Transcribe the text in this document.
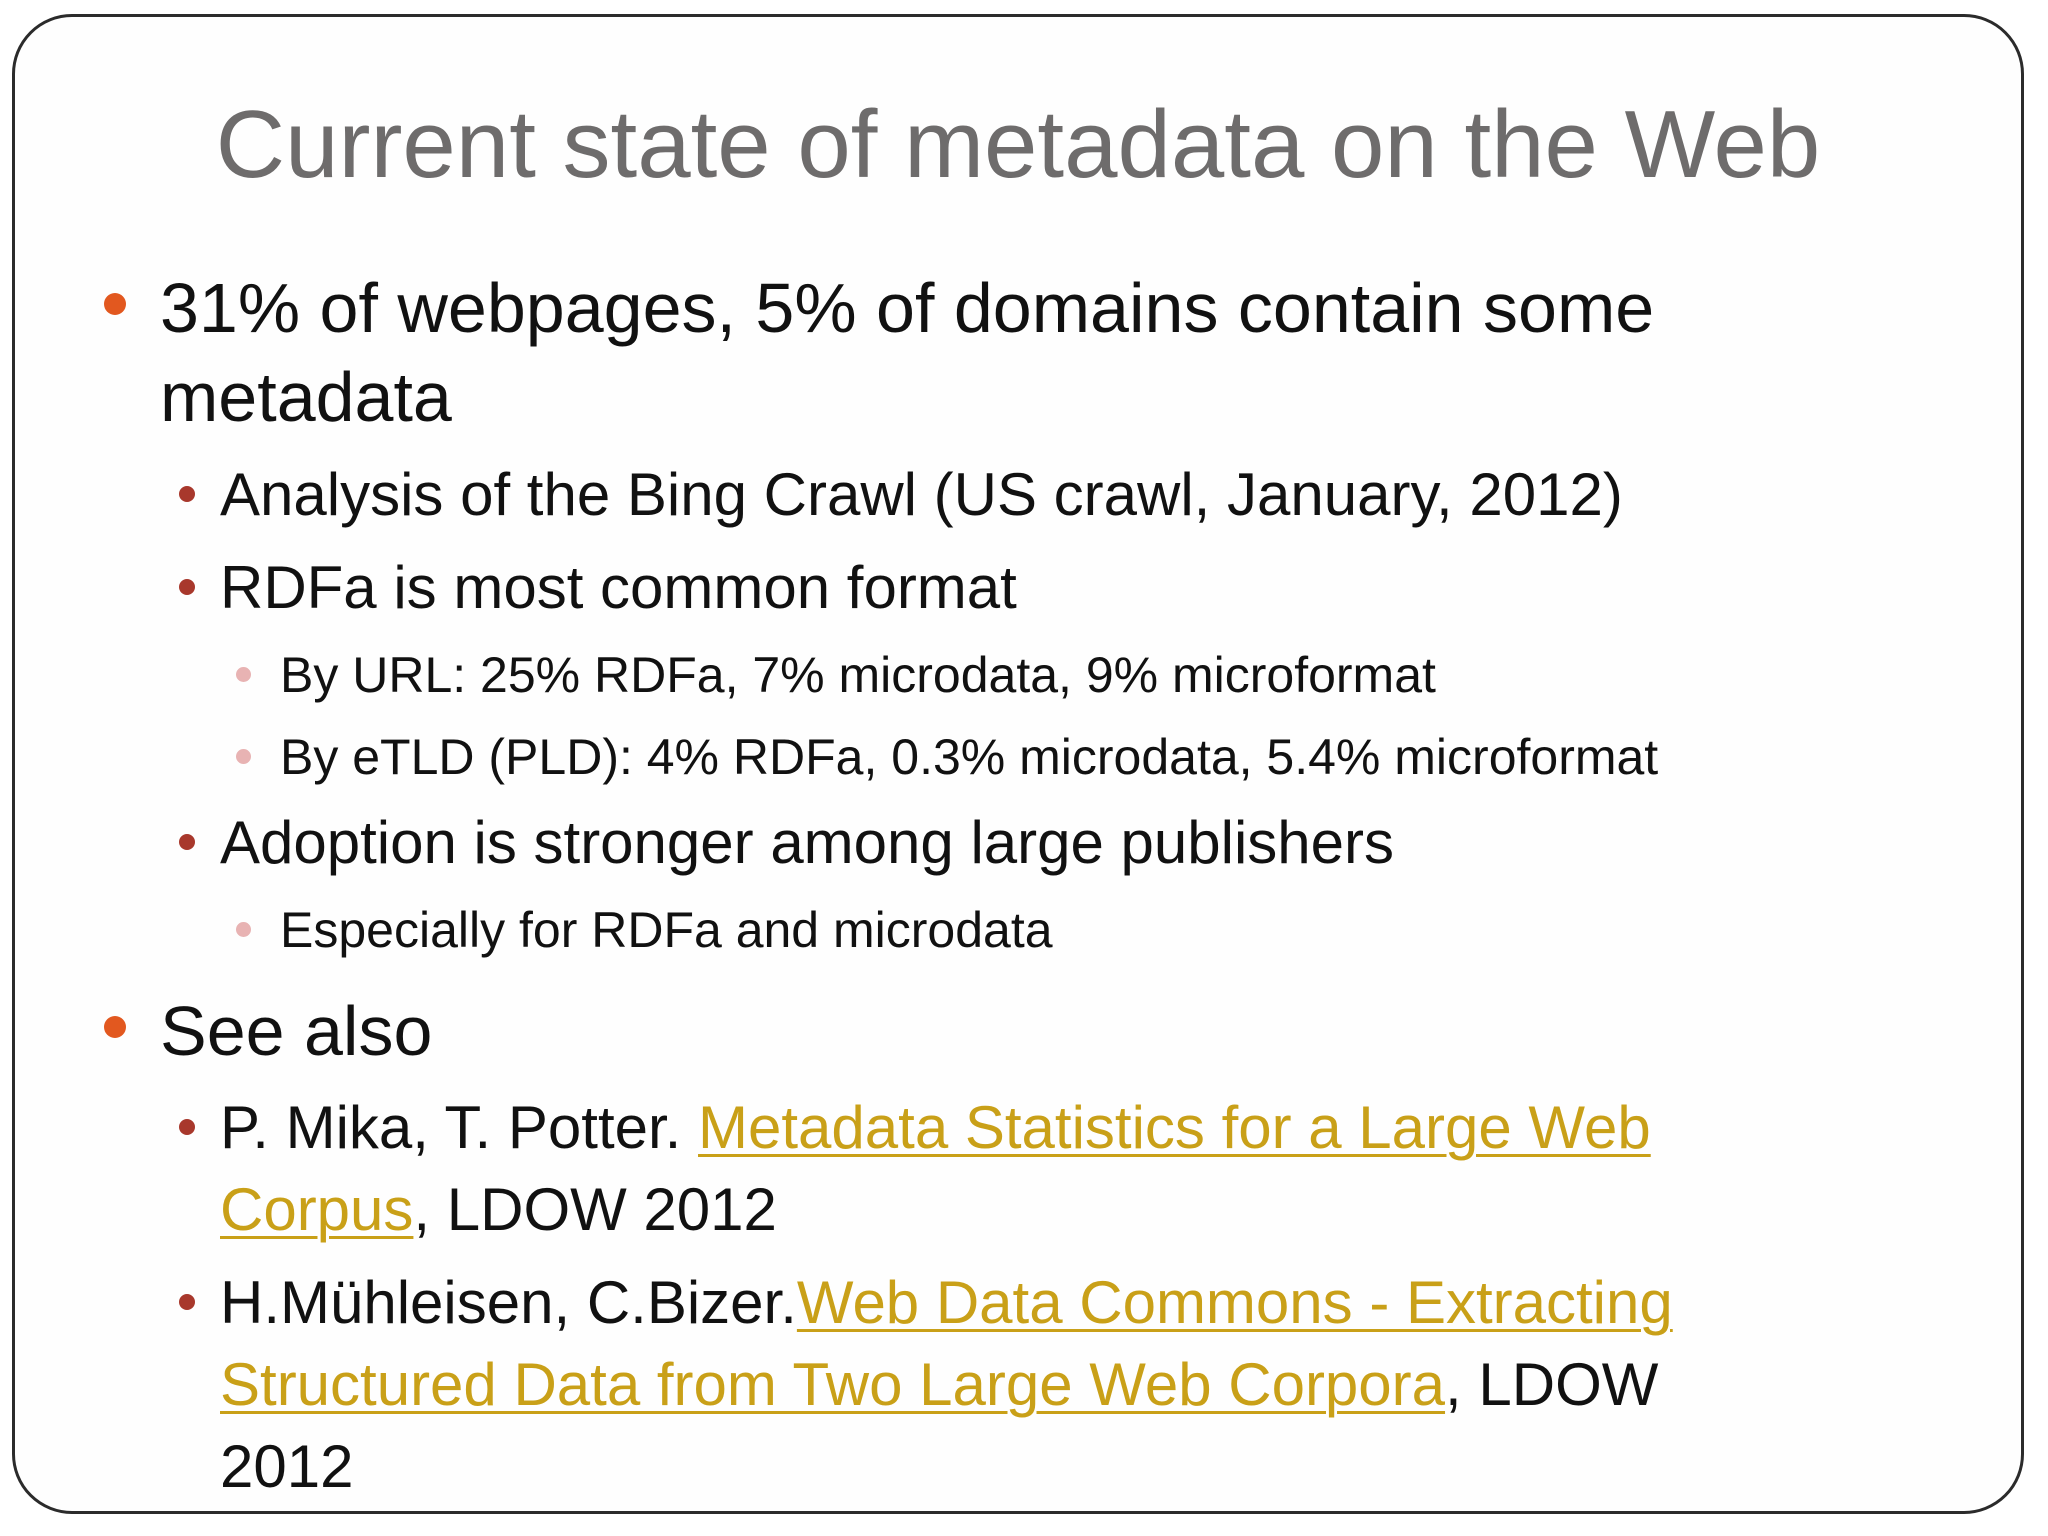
Current state of metadata on the Web
31% of webpages, 5% of domains contain some
metadata
Analysis of the Bing Crawl (US crawl, January, 2012)
RDFa is most common format
By URL: 25% RDFa, 7% microdata, 9% microformat
By eTLD (PLD): 4% RDFa, 0.3% microdata, 5.4% microformat
Adoption is stronger among large publishers
Especially for RDFa and microdata
See also
P. Mika, T. Potter. Metadata Statistics for a Large Web
Corpus, LDOW 2012
H.Mühleisen, C.Bizer.Web Data Commons - Extracting
Structured Data from Two Large Web Corpora, LDOW
2012
